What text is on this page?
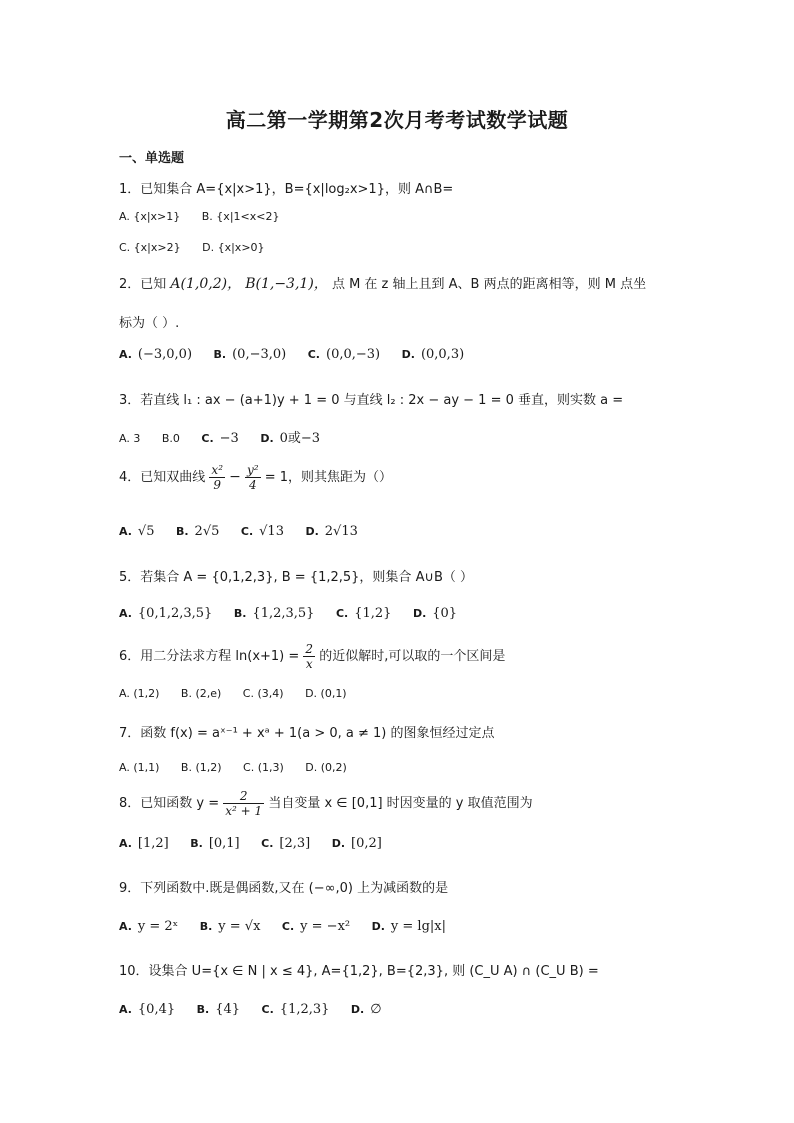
高二第一学期第2次月考考试数学试题
一、单选题
1．已知集合 A={x|x>1}，B={x|log₂x>1}，则 A∩B=
A. {x|x>1} B. {x|1<x<2}
C. {x|x>2} D. {x|x>0}
2．已知 A(1,0,2)， B(1,−3,1)， 点 M 在 z 轴上且到 A、B 两点的距离相等，则 M 点坐
标为（ ）.
A. (−3,0,0) B. (0,−3,0) C. (0,0,−3) D. (0,0,3)
3．若直线 l₁ : ax − (a+1)y + 1 = 0 与直线 l₂ : 2x − ay − 1 = 0 垂直，则实数 a =
A. 3 B.0 C. −3 D. 0或−3
4．已知双曲线 $\frac{\text{x²}}{9} - \frac{\text{y²}}{4} = 1$，则其焦距为（）
A. √5 B. 2√5 C. √13 D. 2√13
5．若集合 A = {0,1,2,3}, B = {1,2,5}，则集合 A∪B（ ）
A. {0,1,2,3,5} B. {1,2,3,5} C. {1,2} D. {0}
6．用二分法求方程 $\ln(x+1) = \frac{2}{x}$ 的近似解时,可以取的一个区间是
A. (1,2) B. (2,e) C. (3,4) D. (0,1)
7．函数 f(x) = aˣ⁻¹ + xᵃ + 1(a > 0, a ≠ 1) 的图象恒经过定点
A. (1,1) B. (1,2) C. (1,3) D. (0,2)
8．已知函数 $y = \frac{2}{\text{x² + 1}}$ 当自变量 x ∈ [0,1] 时因变量的 y 取值范围为
A. [1,2] B. [0,1] C. [2,3] D. [0,2]
9．下列函数中.既是偶函数,又在 (−∞,0) 上为减函数的是
A. y = 2ˣ B. y = √x C. y = −x² D. y = lg|x|
10．设集合 U={x ∈ N | x ≤ 4}, A={1,2}, B={2,3}, 则 (C_U A) ∩ (C_U B) =
A. {0,4} B. {4} C. {1,2,3} D. ∅
